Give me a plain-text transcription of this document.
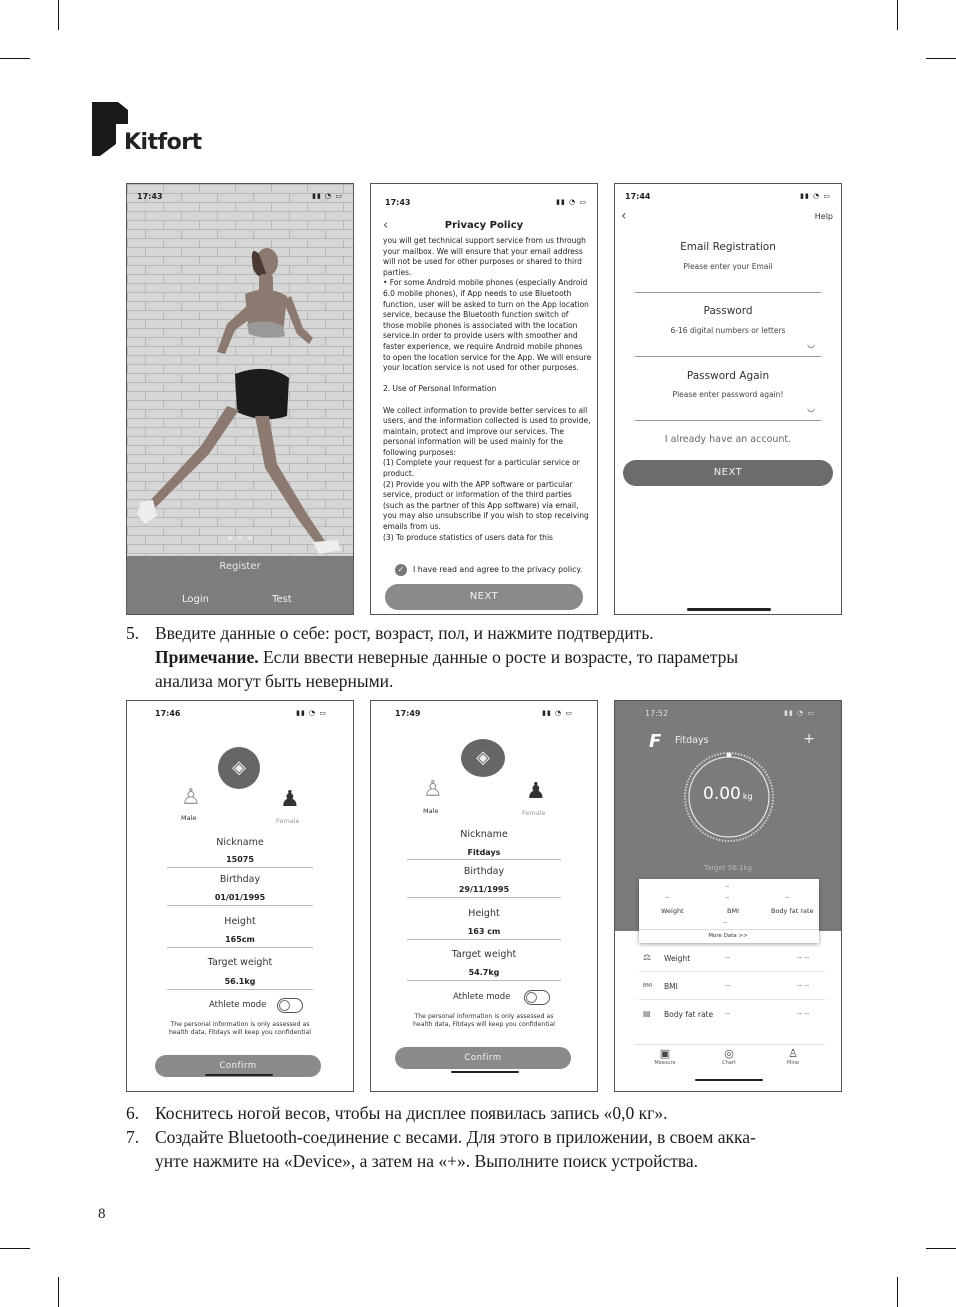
Kitfort
17:43	▮▮ ◔ ▭
Register
Login	Test
17:43	▮▮ ◔ ▭
‹	Privacy Policy
you will get technical support service from us through
your mailbox. We will ensure that your email address
will not be used for other purposes or shared to third
parties.
• For some Android mobile phones (especially Android
6.0 mobile phones), if App needs to use Bluetooth
function, user will be asked to turn on the App location
service, because the Bluetooth function switch of
those mobile phones is associated with the location
service.In order to provide users with smoother and
faster experience, we require Android mobile phones
to open the location service for the App. We will ensure
your location service is not used for other purposes.

2. Use of Personal Information

We collect information to provide better services to all
users, and the information collected is used to provide,
maintain, protect and improve our services. The
personal information will be used mainly for the
following purposes:
(1) Complete your request for a particular service or
product.
(2) Provide you with the APP software or particular
service, product or information of the third parties
(such as the partner of this App software) via email,
you may also unsubscribe if you wish to stop receiving
emails from us.
(3) To produce statistics of users data for this
✓	I have read and agree to the privacy policy.
NEXT
17:44	▮▮ ◔ ▭
‹	Help
Email Registration
Please enter your Email
Password
6-16 digital numbers or letters
◡
Password Again
Please enter password again!
◡
I already have an account.
NEXT
5. Введите данные о себе: рост, возраст, пол, и нажмите подтвердить.
Примечание. Если ввести неверные данные о росте и возрасте, то параметры
анализа могут быть неверными.
17:46	▮▮ ◔ ▭
◈
♙
Male
♟
Female
Nickname
15075
Birthday
01/01/1995
Height
165cm
Target weight
56.1kg
Athlete mode
The personal information is only assessed as
health data, Fitdays will keep you confidential
Confirm
17:49	▮▮ ◔ ▭
◈
♙
Male
♟
Female
Nickname
Fitdays
Birthday
29/11/1995
Height
163 cm
Target weight
54.7kg
Athlete mode
The personal information is only assessed as
health data, Fitdays will keep you confidential
Confirm
17:52	▮▮ ◔ ▭
F Fitdays	+
0.00 kg
Target 56.1kg
--
--	--	--
Weight	BMI	Body fat rate
--
More Data >>
⚖ Weight	--	-- --
BMI BMI	--	-- --
▤ Body fat rate --	-- --
▣
Measure
◎
Chart
♙
Mine
6. Коснитесь ногой весов, чтобы на дисплее появилась запись «0,0 кг».
7. Создайте Bluetooth-соединение с весами. Для этого в приложении, в своем акка-
унте нажмите на «Device», а затем на «+». Выполните поиск устройства.
8
